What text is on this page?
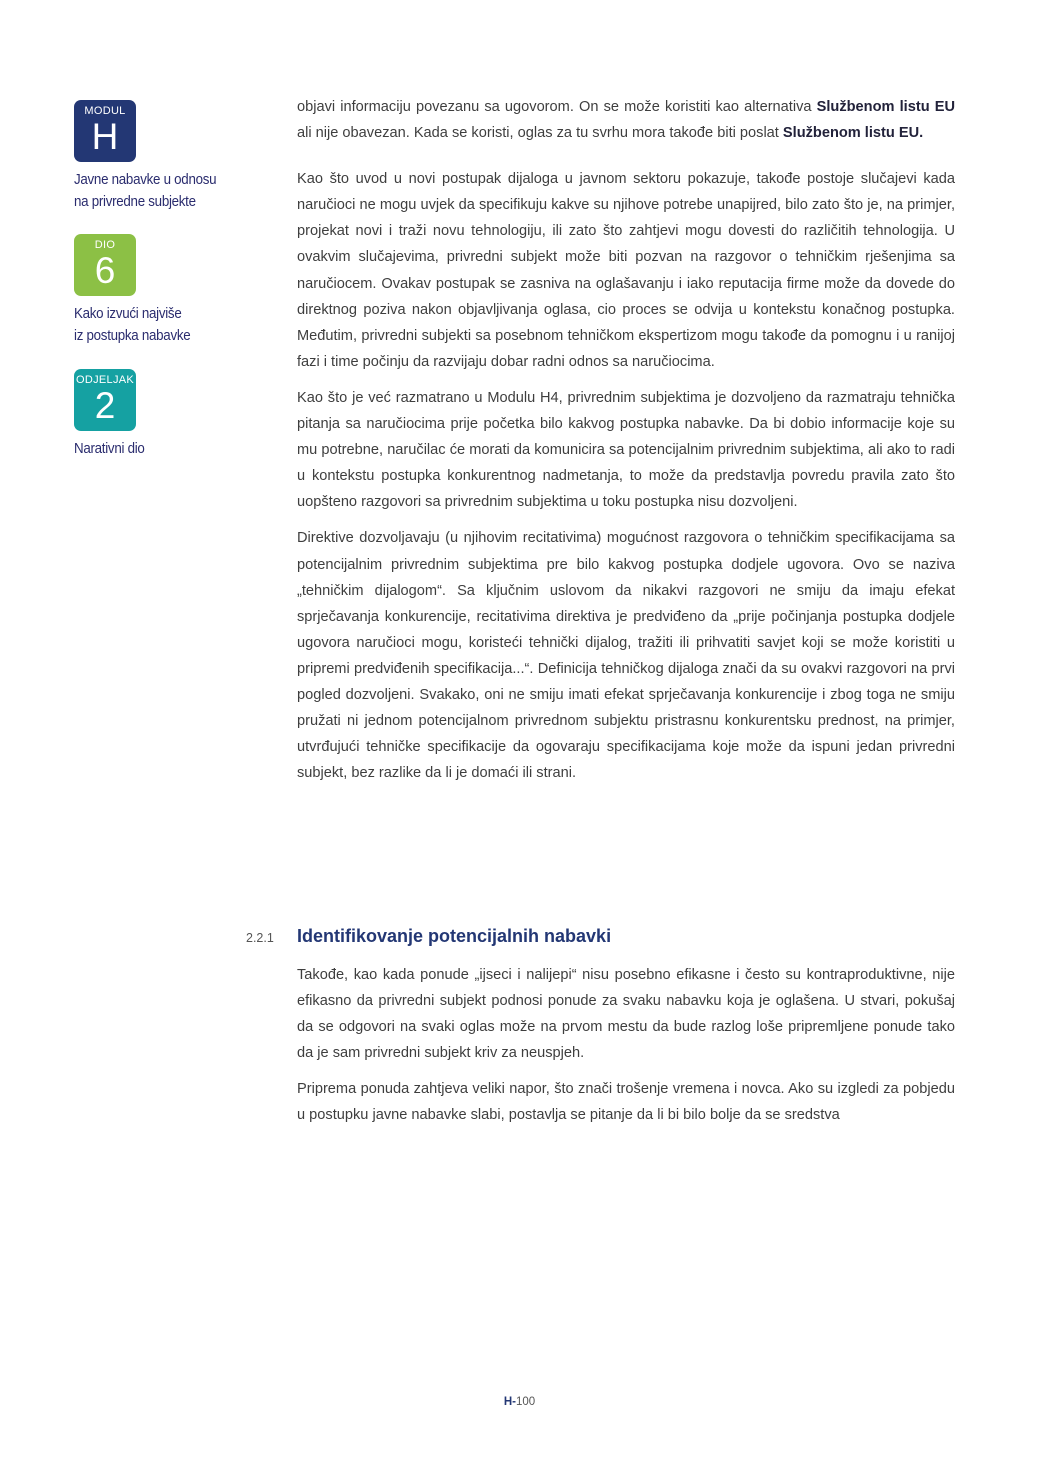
MODUL
H
Javne nabavke u odnosu
na privredne subjekte
DIO
6
Kako izvući najviše
iz postupka nabavke
ODJELJAK
2
Narativni dio

objavi informaciju povezanu sa ugovorom. On se može koristiti kao alternativa Službenom listu EU ali nije obavezan. Kada se koristi, oglas za tu svrhu mora takođe biti poslat Službenom listu EU.

Kao što uvod u novi postupak dijaloga u javnom sektoru pokazuje, takođe postoje slučajevi kada naručioci ne mogu uvjek da specifikuju kakve su njihove potrebe unapijred, bilo zato što je, na primjer, projekat novi i traži novu tehnologiju, ili zato što zahtjevi mogu dovesti do različitih tehnologija. U ovakvim slučajevima, privredni subjekt može biti pozvan na razgovor o tehničkim rješenjima sa naručiocem. Ovakav postupak se zasniva na oglašavanju i iako reputacija firme može da dovede do direktnog poziva nakon objavljivanja oglasa, cio proces se odvija u kontekstu konačnog postupka. Međutim, privredni subjekti sa posebnom tehničkom ekspertizom mogu takođe da pomognu i u ranijoj fazi i time počinju da razvijaju dobar radni odnos sa naručiocima.

Kao što je već razmatrano u Modulu H4, privrednim subjektima je dozvoljeno da razmatraju tehnička pitanja sa naručiocima prije početka bilo kakvog postupka nabavke. Da bi dobio informacije koje su mu potrebne, naručilac će morati da komunicira sa potencijalnim privrednim subjektima, ali ako to radi u kontekstu postupka konkurentnog nadmetanja, to može da predstavlja povredu pravila zato što uopšteno razgovori sa privrednim subjektima u toku postupka nisu dozvoljeni.

Direktive dozvoljavaju (u njihovim recitativima) mogućnost razgovora o tehničkim specifikacijama sa potencijalnim privrednim subjektima pre bilo kakvog postupka dodjele ugovora. Ovo se naziva „tehničkim dijalogom“. Sa ključnim uslovom da nikakvi razgovori ne smiju da imaju efekat sprječavanja konkurencije, recitativima direktiva je predviđeno da „prije počinjanja postupka dodjele ugovora naručioci mogu, koristeći tehnički dijalog, tražiti ili prihvatiti savjet koji se može koristiti u pripremi predviđenih specifikacija...“. Definicija tehničkog dijaloga znači da su ovakvi razgovori na prvi pogled dozvoljeni. Svakako, oni ne smiju imati efekat sprječavanja konkurencije i zbog toga ne smiju pružati ni jednom potencijalnom privrednom subjektu pristrasnu konkurentsku prednost, na primjer, utvrđujući tehničke specifikacije da ogovaraju specifikacijama koje može da ispuni jedan privredni subjekt, bez razlike da li je domaći ili strani.

2.2.1 Identifikovanje potencijalnih nabavki

Takođe, kao kada ponude „ijseci i nalijepi“ nisu posebno efikasne i često su kontraproduktivne, nije efikasno da privredni subjekt podnosi ponude za svaku nabavku koja je oglašena. U stvari, pokušaj da se odgovori na svaki oglas može na prvom mestu da bude razlog loše pripremljene ponude tako da je sam privredni subjekt kriv za neuspjeh.

Priprema ponuda zahtjeva veliki napor, što znači trošenje vremena i novca. Ako su izgledi za pobjedu u postupku javne nabavke slabi, postavlja se pitanje da li bi bilo bolje da se sredstva

H-100
